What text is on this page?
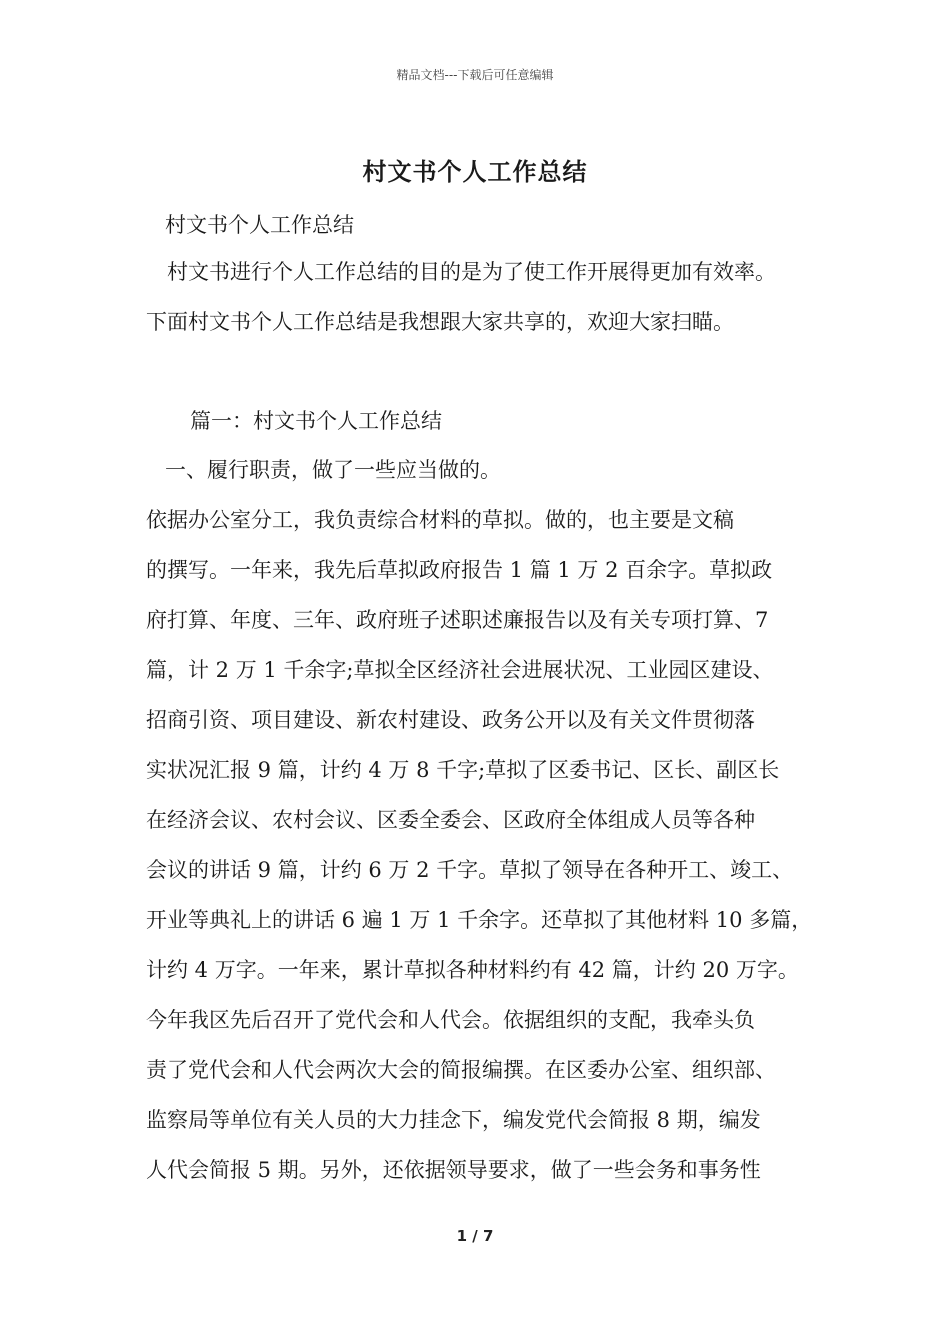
精品文档---下载后可任意编辑
村文书个人工作总结
村文书个人工作总结
　村文书进行个人工作总结的目的是为了使工作开展得更加有效率。
下面村文书个人工作总结是我想跟大家共享的，欢迎大家扫瞄。
篇一：村文书个人工作总结
一、履行职责，做了一些应当做的。
依据办公室分工，我负责综合材料的草拟。做的，也主要是文稿
的撰写。一年来，我先后草拟政府报告 1 篇 1 万 2 百余字。草拟政
府打算、年度、三年、政府班子述职述廉报告以及有关专项打算、7
篇，计 2 万 1 千余字;草拟全区经济社会进展状况、工业园区建设、
招商引资、项目建设、新农村建设、政务公开以及有关文件贯彻落
实状况汇报 9 篇，计约 4 万 8 千字;草拟了区委书记、区长、副区长
在经济会议、农村会议、区委全委会、区政府全体组成人员等各种
会议的讲话 9 篇，计约 6 万 2 千字。草拟了领导在各种开工、竣工、
开业等典礼上的讲话 6 遍 1 万 1 千余字。还草拟了其他材料 10 多篇，
计约 4 万字。一年来，累计草拟各种材料约有 42 篇，计约 20 万字。
今年我区先后召开了党代会和人代会。依据组织的支配，我牵头负
责了党代会和人代会两次大会的简报编撰。在区委办公室、组织部、
监察局等单位有关人员的大力挂念下，编发党代会简报 8 期，编发
人代会简报 5 期。另外，还依据领导要求，做了一些会务和事务性
1 / 7
